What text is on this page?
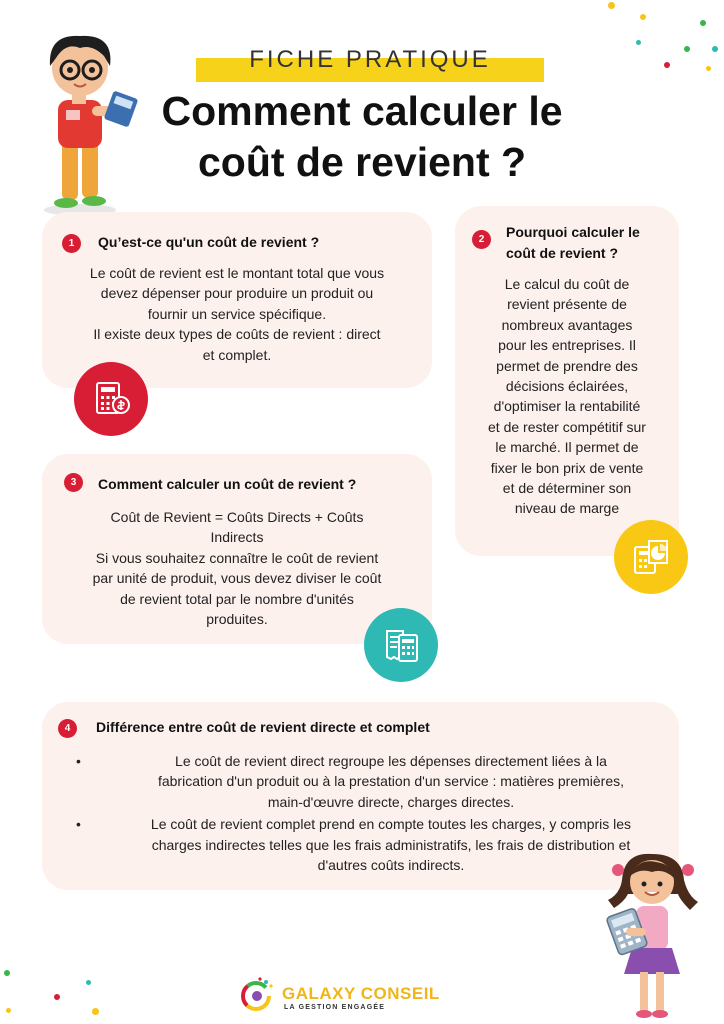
FICHE PRATIQUE
Comment calculer le
coût de revient ?
1	Qu’est-ce qu'un coût de revient ?
Le coût de revient est le montant total que vous
devez dépenser pour produire un produit ou
fournir un service spécifique.
Il existe deux types de coûts de revient : direct
et complet.
2	Pourquoi calculer le
coût de revient ?
Le calcul du coût de
revient présente de
nombreux avantages
pour les entreprises. Il
permet de prendre des
décisions éclairées,
d'optimiser la rentabilité
et de rester compétitif sur
le marché. Il permet de
fixer le bon prix de vente
et de déterminer son
niveau de marge
3	Comment calculer un coût de revient ?
Coût de Revient = Coûts Directs + Coûts
Indirects
Si vous souhaitez connaître le coût de revient
par unité de produit, vous devez diviser le coût
de revient total par le nombre d'unités
produites.
4	Différence entre coût de revient directe et complet
• Le coût de revient direct regroupe les dépenses directement liées à la
fabrication d'un produit ou à la prestation d'un service : matières premières,
main-d'œuvre directe, charges directes.
• Le coût de revient complet prend en compte toutes les charges, y compris les
charges indirectes telles que les frais administratifs, les frais de distribution et
d'autres coûts indirects.
GALAXY CONSEIL
LA GESTION ENGAGÉE
